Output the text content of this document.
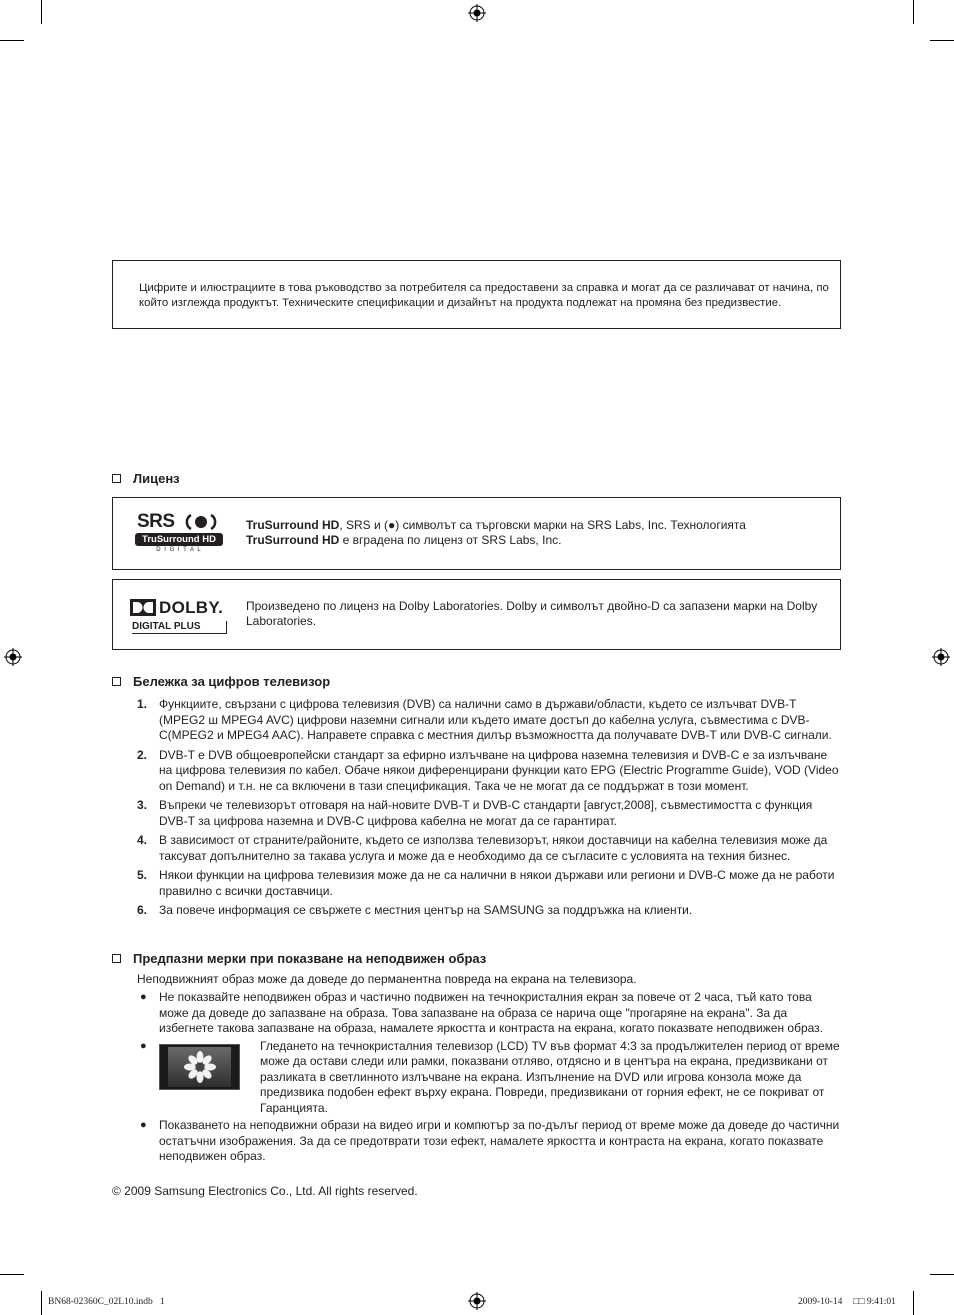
Цифрите и илюстрациите в това ръководство за потребителя са предоставени за справка и могат да се различават от начина, по който изглежда продуктът. Техническите спецификации и дизайнът на продукта подлежат на промяна без предизвестие.

Лиценз
SRS
TruSurround HD
D I G I T A L
TruSurround HD, SRS и (●) символът са търговски марки на SRS Labs, Inc. Технологията
TruSurround HD е вградена по лиценз от SRS Labs, Inc.
DOLBY.
DIGITAL PLUS
Произведено по лиценз на Dolby Laboratories. Dolby и символът двойно-D са запазени марки на Dolby Laboratories.
Бележка за цифров телевизор
1. Функциите, свързани с цифрова телевизия (DVB) са налични само в държави/области, където се излъчват DVB-T (MPEG2 ш MPEG4 AVC) цифрови наземни сигнали или където имате достъп до кабелна услуга, съвместима с DVB-C(MPEG2 и MPEG4 AAC). Направете справка с местния дилър възможността да получавате DVB-T или DVB-C сигнали.
2. DVB-T е DVB общоевропейски стандарт за ефирно излъчване на цифрова наземна телевизия и DVB-C е за излъчване на цифрова телевизия по кабел. Обаче някои диференцирани функции като EPG (Electric Programme Guide), VOD (Video on Demand) и т.н. не са включени в тази спецификация. Така че не могат да се поддържат в този момент.
3. Въпреки че телевизорът отговаря на най-новите DVB-T и DVB-C стандарти [август,2008], съвместимостта с функция DVB-T за цифрова наземна и DVB-C цифрова кабелна не могат да се гарантират.
4. В зависимост от страните/районите, където се използва телевизорът, някои доставчици на кабелна телевизия може да таксуват допълнително за такава услуга и може да е необходимо да се съгласите с условията на техния бизнес.
5. Някои функции на цифрова телевизия може да не са налични в някои държави или региони и DVB-C може да не работи правилно с всички доставчици.
6. За повече информация се свържете с местния център на SAMSUNG за поддръжка на клиенти.
Предпазни мерки при показване на неподвижен образ
Неподвижният образ може да доведе до перманентна повреда на екрана на телевизора.
● Не показвайте неподвижен образ и частично подвижен на течнокристалния екран за повече от 2 часа, тъй като това може да доведе до запазване на образа. Това запазване на образа се нарича още "прогаряне на екрана". За да избегнете такова запазване на образа, намалете яркостта и контраста на екрана, когато показвате неподвижен образ.
●	Гледането на течнокристалния телевизор (LCD) TV във формат 4:3 за продължителен период от време може да остави следи или рамки, показвани отляво, отдясно и в центъра на екрана, предизвикани от разликата в светлинното излъчване на екрана. Изпълнение на DVD или игрова конзола може да предизвика подобен ефект върху екрана. Повреди, предизвикани от горния ефект, не се покриват от Гаранцията.
● Показването на неподвижни образи на видео игри и компютър за по-дълъг период от време може да доведе до частични остатъчни изображения. За да се предотврати този ефект, намалете яркостта и контраста на екрана, когато показвате неподвижен образ.
© 2009 Samsung Electronics Co., Ltd. All rights reserved.
BN68-02360C_02L10.indb   1	2009-10-14 □□ 9:41:01
